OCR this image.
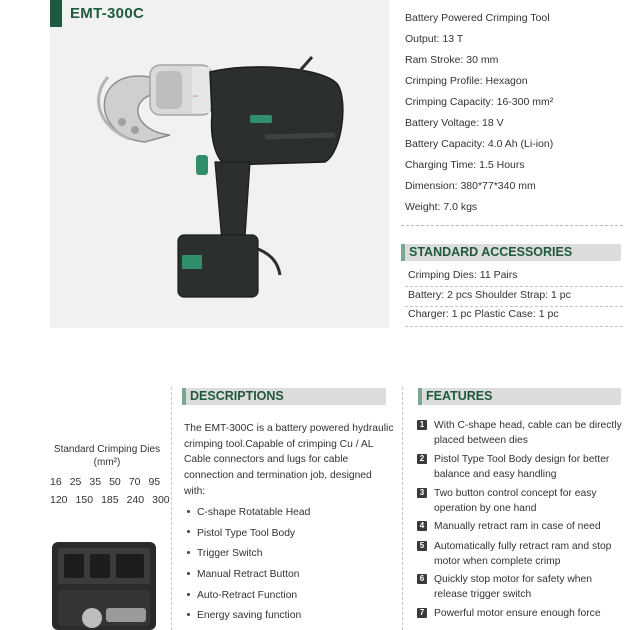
EMT-300C
!
Battery Powered Crimping Tool
Output: 13 T
Ram Stroke: 30 mm
Crimping Profile: Hexagon
Crimping Capacity: 16-300 mm²
Battery Voltage: 18 V
Battery Capacity: 4.0 Ah (Li-ion)
Charging Time: 1.5 Hours
Dimension: 380*77*340 mm
Weight: 7.0 kgs
STANDARD ACCESSORIES
Crimping Dies: 11 Pairs
Battery: 2 pcs Shoulder Strap: 1 pc
Charger: 1 pc Plastic Case: 1 pc
Standard Crimping Dies
(mm²)
16 25 35 50 70 95
120 150 185 240 300
DESCRIPTIONS
The EMT-300C is a battery powered hydraulic
crimping tool.Capable of crimping Cu / AL
Cable connectors and lugs for cable
connection and termination job, designed
with:
C-shape Rotatable Head
Pistol Type Tool Body
Trigger Switch
Manual Retract Button
Auto-Retract Function
Energy saving function
FEATURES
1 With C-shape head, cable can be directly
placed between dies
2 Pistol Type Tool Body design for better
balance and easy handling
3 Two button control concept for easy
operation by one hand
4 Manually retract ram in case of need
5 Automatically fully retract ram and stop
motor when complete crimp
6 Quickly stop motor for safety when
release trigger switch
7 Powerful motor ensure enough force
